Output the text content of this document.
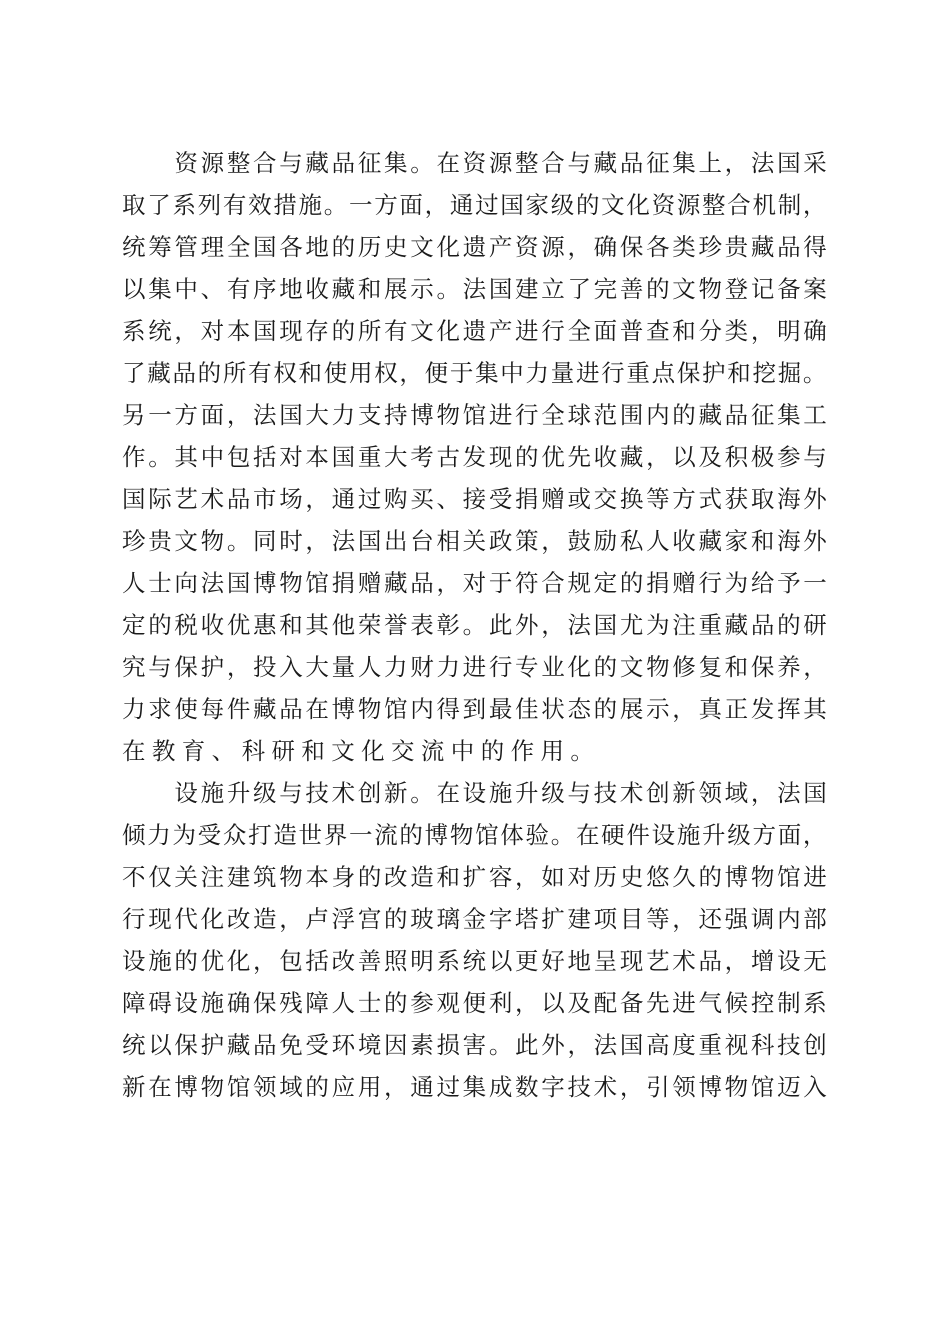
资 源 整 合 与 藏 品 征 集 。 在 资 源 整 合 与 藏 品 征 集 上 ， 法 国 采
取 了 系 列 有 效 措 施 。 一 方 面 ， 通 过 国 家 级 的 文 化 资 源 整 合 机 制 ，
统 筹 管 理 全 国 各 地 的 历 史 文 化 遗 产 资 源 ， 确 保 各 类 珍 贵 藏 品 得
以 集 中 、 有 序 地 收 藏 和 展 示 。 法 国 建 立 了 完 善 的 文 物 登 记 备 案
系 统 ， 对 本 国 现 存 的 所 有 文 化 遗 产 进 行 全 面 普 查 和 分 类 ， 明 确
了 藏 品 的 所 有 权 和 使 用 权 ， 便 于 集 中 力 量 进 行 重 点 保 护 和 挖 掘 。
另 一 方 面 ， 法 国 大 力 支 持 博 物 馆 进 行 全 球 范 围 内 的 藏 品 征 集 工
作 。 其 中 包 括 对 本 国 重 大 考 古 发 现 的 优 先 收 藏 ， 以 及 积 极 参 与
国 际 艺 术 品 市 场 ， 通 过 购 买 、 接 受 捐 赠 或 交 换 等 方 式 获 取 海 外
珍 贵 文 物 。 同 时 ， 法 国 出 台 相 关 政 策 ， 鼓 励 私 人 收 藏 家 和 海 外
人 士 向 法 国 博 物 馆 捐 赠 藏 品 ， 对 于 符 合 规 定 的 捐 赠 行 为 给 予 一
定 的 税 收 优 惠 和 其 他 荣 誉 表 彰 。 此 外 ， 法 国 尤 为 注 重 藏 品 的 研
究 与 保 护 ， 投 入 大 量 人 力 财 力 进 行 专 业 化 的 文 物 修 复 和 保 养 ，
力 求 使 每 件 藏 品 在 博 物 馆 内 得 到 最 佳 状 态 的 展 示 ， 真 正 发 挥 其
在 教 育 、 科 研 和 文 化 交 流 中 的 作 用 。

设 施 升 级 与 技 术 创 新 。 在 设 施 升 级 与 技 术 创 新 领 域 ， 法 国
倾 力 为 受 众 打 造 世 界 一 流 的 博 物 馆 体 验 。 在 硬 件 设 施 升 级 方 面 ，
不 仅 关 注 建 筑 物 本 身 的 改 造 和 扩 容 ， 如 对 历 史 悠 久 的 博 物 馆 进
行 现 代 化 改 造 ， 卢 浮 宫 的 玻 璃 金 字 塔 扩 建 项 目 等 ， 还 强 调 内 部
设 施 的 优 化 ， 包 括 改 善 照 明 系 统 以 更 好 地 呈 现 艺 术 品 ， 增 设 无
障 碍 设 施 确 保 残 障 人 士 的 参 观 便 利 ， 以 及 配 备 先 进 气 候 控 制 系
统 以 保 护 藏 品 免 受 环 境 因 素 损 害 。 此 外 ， 法 国 高 度 重 视 科 技 创
新 在 博 物 馆 领 域 的 应 用 ， 通 过 集 成 数 字 技 术 ， 引 领 博 物 馆 迈 入
